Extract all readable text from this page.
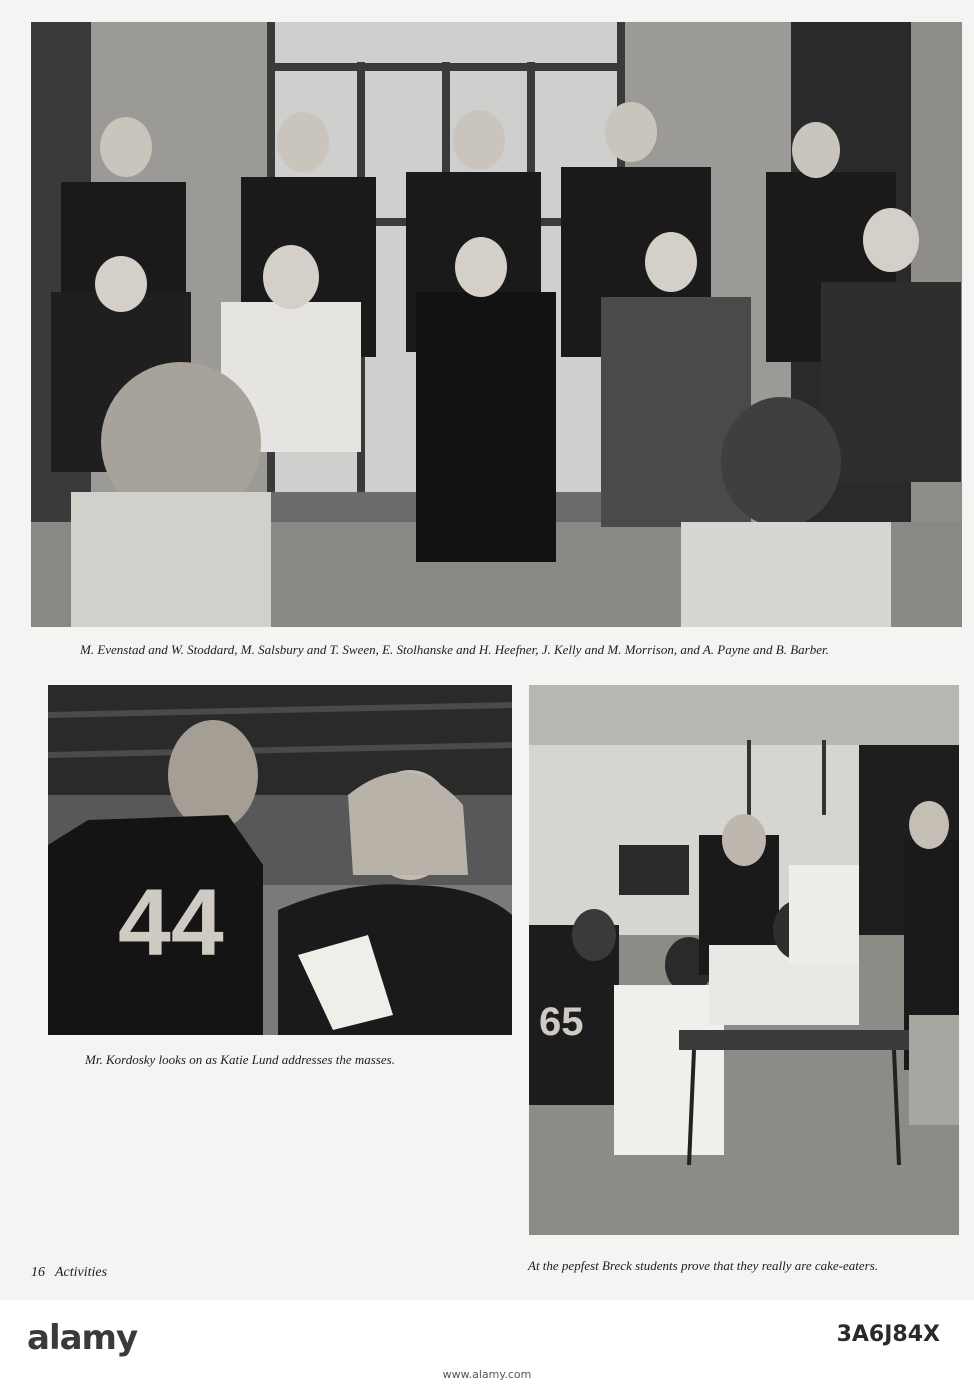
M. Evenstad and W. Stoddard, M. Salsbury and T. Sween, E. Stolhanske and H. Heefner, J. Kelly and M. Morrison, and A. Payne and B. Barber.
44
Mr. Kordosky looks on as Katie Lund addresses the masses.
65
At the pepfest Breck students prove that they really are cake-eaters.
16 Activities
alamy	3A6J84X
www.alamy.com
